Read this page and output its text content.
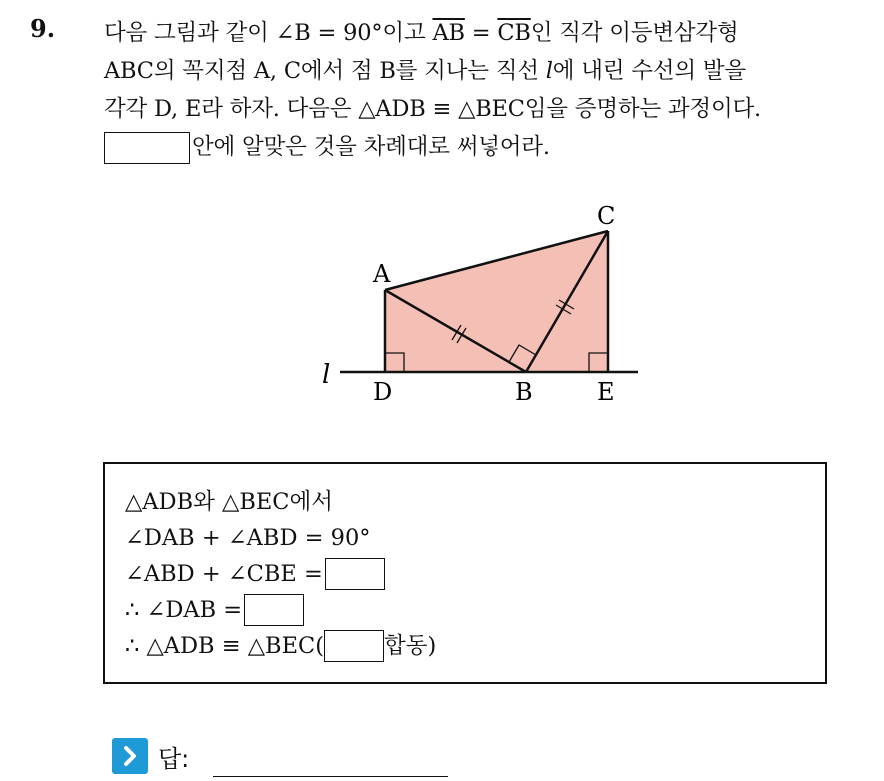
9. 다음 그림과 같이 ∠B = 90°이고 $\overline{AB} = \overline{CB}$인 직각 이등변삼각형
ABC의 꼭지점 A, C에서 점 B를 지나는 직선 l에 내린 수선의 발을
각각 D, E라 하자. 다음은 △ADB ≡ △BEC임을 증명하는 과정이다.
안에 알맞은 것을 차례대로 써넣어라.
A
C
D	B	E
l
△ADB와 △BEC에서
∠DAB + ∠ABD = 90°
∠ABD + ∠CBE =
∴ ∠DAB =
∴ △ADB ≡ △BEC(	합동)
답:
